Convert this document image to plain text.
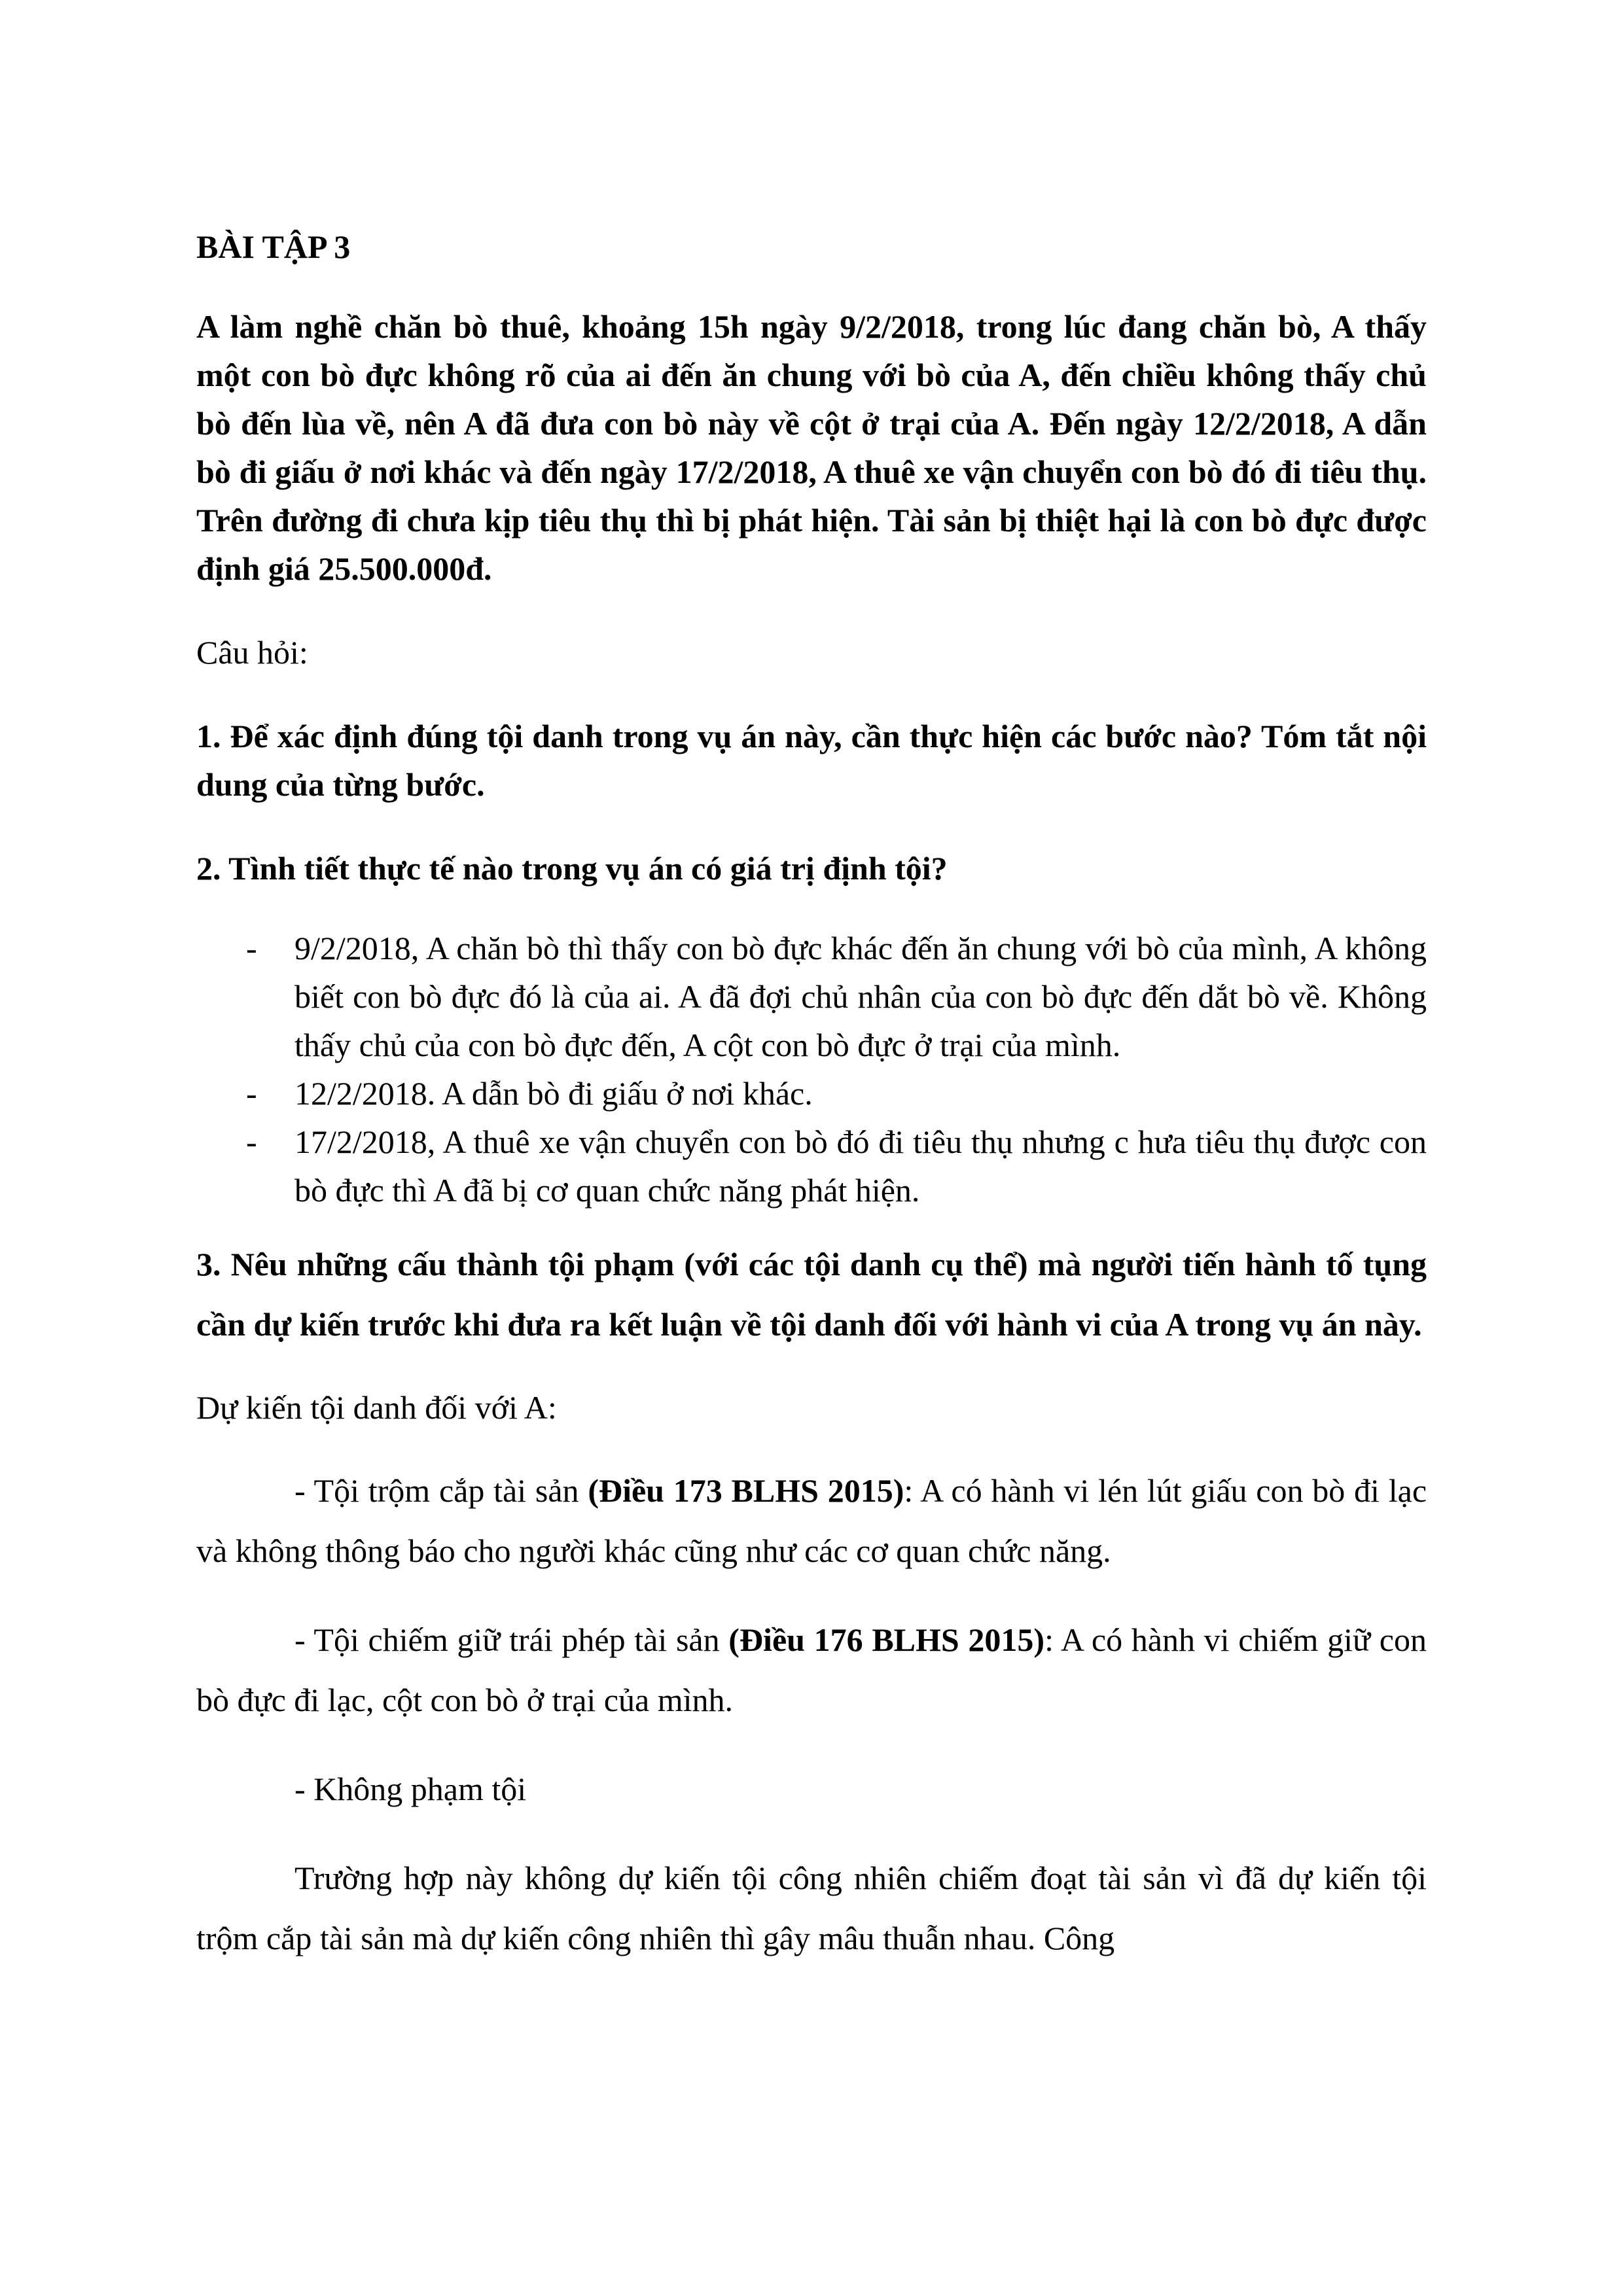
BÀI TẬP 3

A làm nghề chăn bò thuê, khoảng 15h ngày 9/2/2018, trong lúc đang chăn bò, A thấy một con bò đực không rõ của ai đến ăn chung với bò của A, đến chiều không thấy chủ bò đến lùa về, nên A đã đưa con bò này về cột ở trại của A. Đến ngày 12/2/2018, A dẫn bò đi giấu ở nơi khác và đến ngày 17/2/2018, A thuê xe vận chuyển con bò đó đi tiêu thụ. Trên đường đi chưa kịp tiêu thụ thì bị phát hiện. Tài sản bị thiệt hại là con bò đực được định giá 25.500.000đ.

Câu hỏi:

1. Để xác định đúng tội danh trong vụ án này, cần thực hiện các bước nào? Tóm tắt nội dung của từng bước.

2. Tình tiết thực tế nào trong vụ án có giá trị định tội?

- 9/2/2018, A chăn bò thì thấy con bò đực khác đến ăn chung với bò của mình, A không biết con bò đực đó là của ai. A đã đợi chủ nhân của con bò đực đến dắt bò về. Không thấy chủ của con bò đực đến, A cột con bò đực ở trại của mình.
- 12/2/2018. A dẫn bò đi giấu ở nơi khác.
- 17/2/2018, A thuê xe vận chuyển con bò đó đi tiêu thụ nhưng c hưa tiêu thụ được con bò đực thì A đã bị cơ quan chức năng phát hiện.

3. Nêu những cấu thành tội phạm (với các tội danh cụ thể) mà người tiến hành tố tụng cần dự kiến trước khi đưa ra kết luận về tội danh đối với hành vi của A trong vụ án này.

Dự kiến tội danh đối với A:

- Tội trộm cắp tài sản (Điều 173 BLHS 2015): A có hành vi lén lút giấu con bò đi lạc và không thông báo cho người khác cũng như các cơ quan chức năng.

- Tội chiếm giữ trái phép tài sản (Điều 176 BLHS 2015): A có hành vi chiếm giữ con bò đực đi lạc, cột con bò ở trại của mình.

- Không phạm tội

Trường hợp này không dự kiến tội công nhiên chiếm đoạt tài sản vì đã dự kiến tội trộm cắp tài sản mà dự kiến công nhiên thì gây mâu thuẫn nhau. Công
